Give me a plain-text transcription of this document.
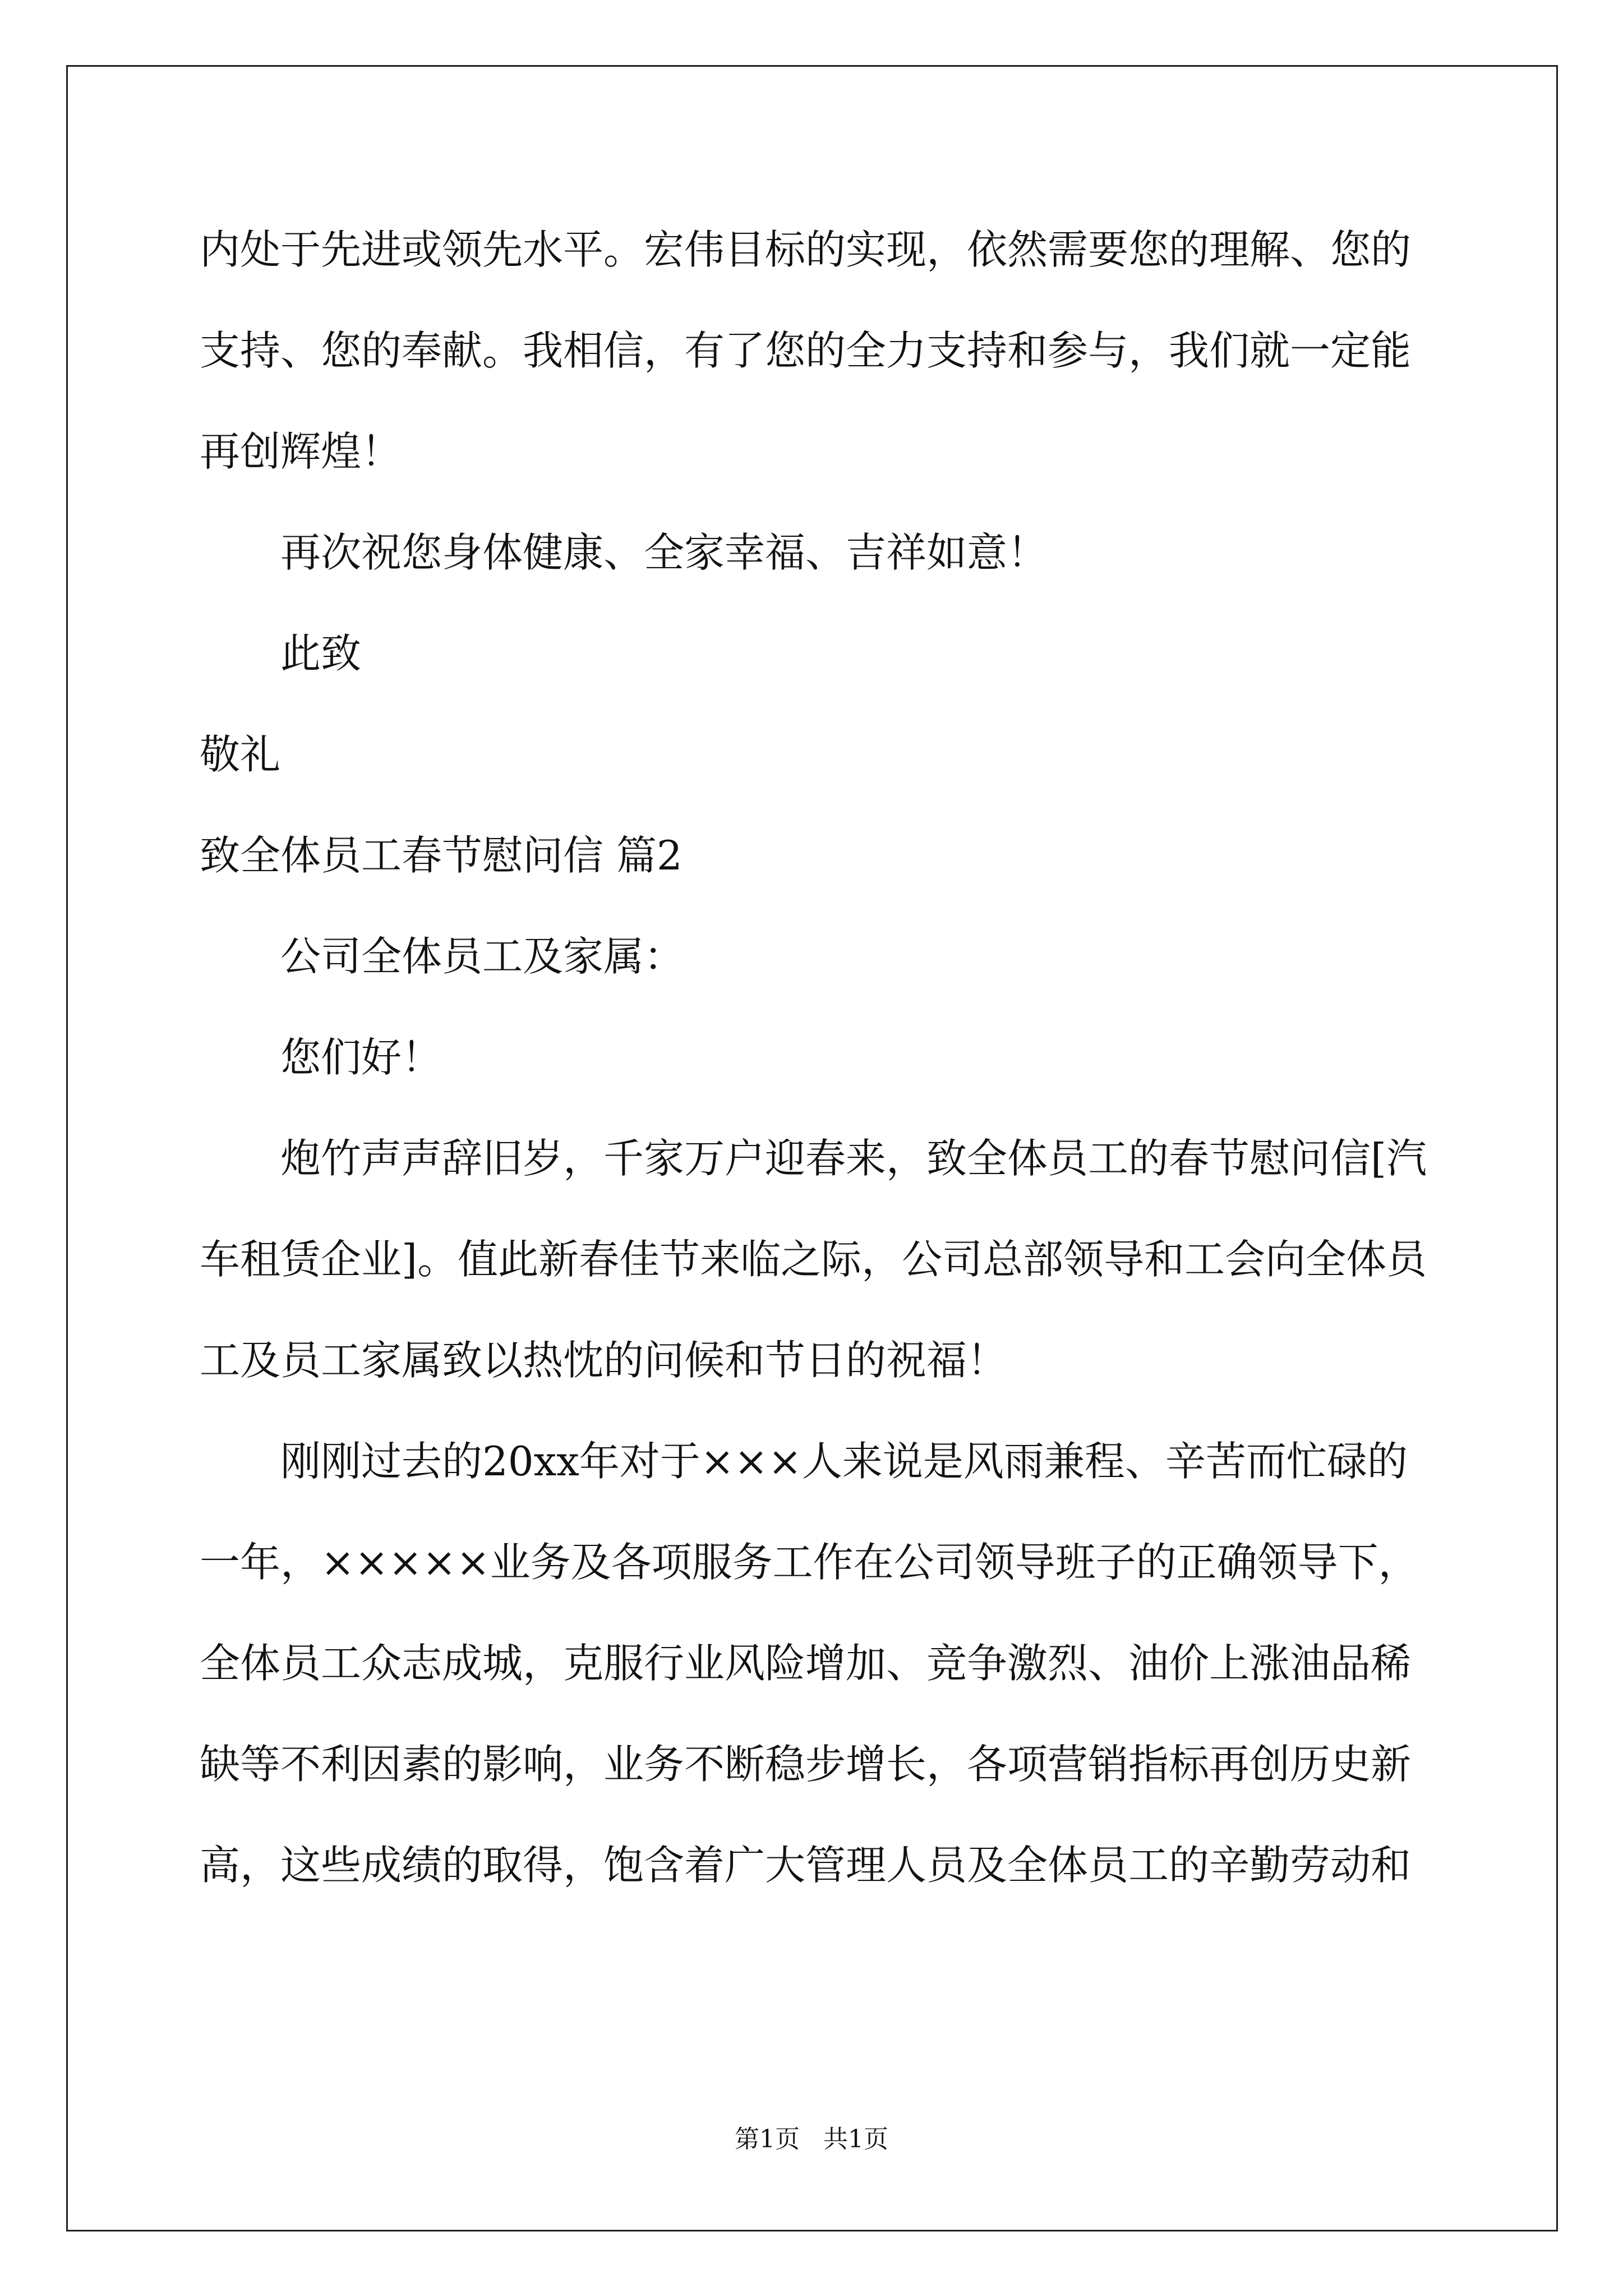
内处于先进或领先水平。宏伟目标的实现，依然需要您的理解、您的
支持、您的奉献。我相信，有了您的全力支持和参与，我们就一定能
再创辉煌！
再次祝您身体健康、全家幸福、吉祥如意！
此致
敬礼
致全体员工春节慰问信 篇2
公司全体员工及家属：
您们好！
炮竹声声辞旧岁，千家万户迎春来，致全体员工的春节慰问信[汽
车租赁企业]。值此新春佳节来临之际，公司总部领导和工会向全体员
工及员工家属致以热忱的问候和节日的祝福！
刚刚过去的20xx年对于×××人来说是风雨兼程、辛苦而忙碌的
一年，×××××业务及各项服务工作在公司领导班子的正确领导下，
全体员工众志成城，克服行业风险增加、竞争激烈、油价上涨油品稀
缺等不利因素的影响，业务不断稳步增长，各项营销指标再创历史新
高，这些成绩的取得，饱含着广大管理人员及全体员工的辛勤劳动和
第1页   共1页
